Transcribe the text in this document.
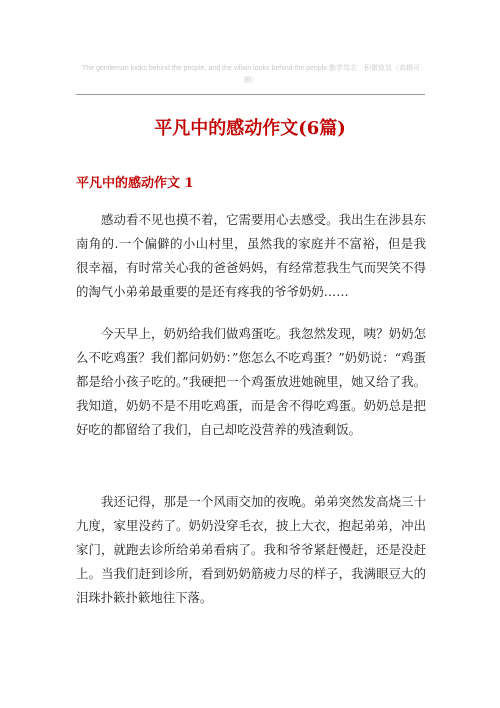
The gentleman looks behind the people, and the villain looks behind the people.勤学笃志　积微致显（高精可删）
平凡中的感动作文(6篇)
平凡中的感动作文 1

感动看不见也摸不着，它需要用心去感受。我出生在涉县东南角的.一个偏僻的小山村里，虽然我的家庭并不富裕，但是我很幸福，有时常关心我的爸爸妈妈，有经常惹我生气而哭笑不得的淘气小弟弟最重要的是还有疼我的爷爷奶奶……

今天早上，奶奶给我们做鸡蛋吃。我忽然发现，咦？奶奶怎么不吃鸡蛋？我们都问奶奶：”您怎么不吃鸡蛋？”奶奶说：“鸡蛋都是给小孩子吃的。”我硬把一个鸡蛋放进她碗里，她又给了我。我知道，奶奶不是不用吃鸡蛋，而是舍不得吃鸡蛋。奶奶总是把好吃的都留给了我们，自己却吃没营养的残渣剩饭。

我还记得，那是一个风雨交加的夜晚。弟弟突然发高烧三十九度，家里没药了。奶奶没穿毛衣，披上大衣，抱起弟弟，冲出家门，就跑去诊所给弟弟看病了。我和爷爷紧赶慢赶，还是没赶上。当我们赶到诊所，看到奶奶筋疲力尽的样子，我满眼豆大的泪珠扑簌扑簌地往下落。
